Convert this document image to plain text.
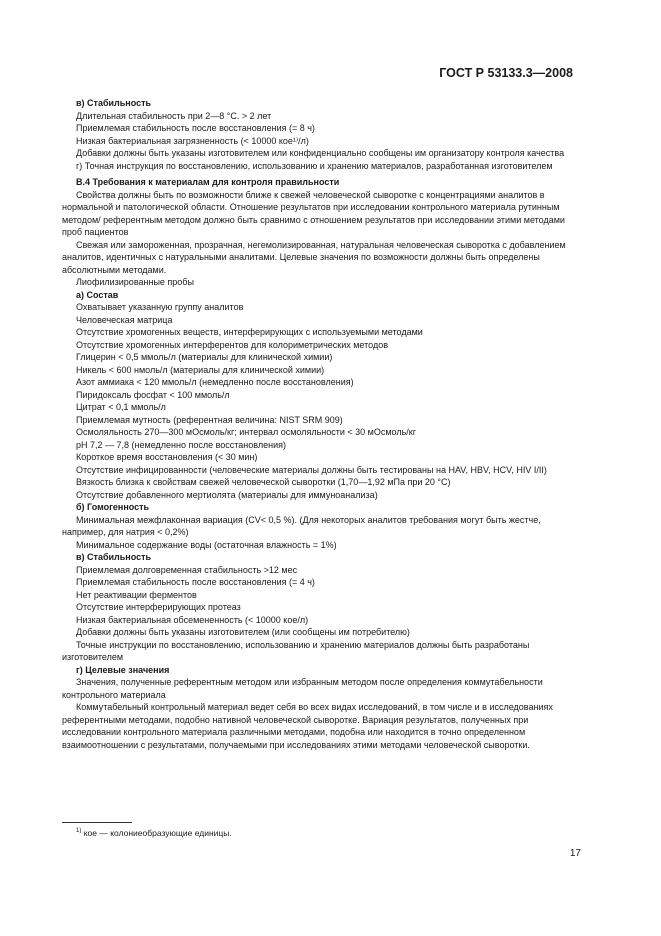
ГОСТ Р 53133.3—2008

в) Стабильность

Длительная стабильность при 2—8 °С. > 2 лет

Приемлемая стабильность после восстановления (= 8 ч)

Низкая бактериальная загрязненность (< 10000 кое¹⁾/л)

Добавки должны быть указаны изготовителем или конфиденциально сообщены им организатору контроля качества

г) Точная инструкция по восстановлению, использованию и хранению материалов, разработанная изготовителем

В.4 Требования к материалам для контроля правильности

Свойства должны быть по возможности ближе к свежей человеческой сыворотке с концентрациями аналитов в нормальной и патологической области. Отношение результатов при исследовании контрольного материала рутинным методом/ референтным методом должно быть сравнимо с отношением результатов при исследовании этими методами проб пациентов

Свежая или замороженная, прозрачная, негемолизированная, натуральная человеческая сыворотка с добавлением аналитов, идентичных с натуральными аналитами. Целевые значения по возможности должны быть определены абсолютными методами.

Лиофилизированные пробы

а) Состав

Охватывает указанную группу аналитов

Человеческая матрица

Отсутствие хромогенных веществ, интерферирующих с используемыми методами

Отсутствие хромогенных интерферентов для колориметрических методов

Глицерин < 0,5 ммоль/л (материалы для клинической химии)

Никель < 600 нмоль/л (материалы для клинической химии)

Азот аммиака < 120 ммоль/л (немедленно после восстановления)

Пиридоксаль фосфат < 100 ммоль/л

Цитрат < 0,1 ммоль/л

Приемлемая мутность (референтная величина: NIST SRM 909)

Осмоляльность 270—300 мОсмоль/кг; интервал осмоляльности < 30 мОсмоль/кг

рН 7,2 — 7,8 (немедленно после восстановления)

Короткое время восстановления (< 30 мин)

Отсутствие инфицированности (человеческие материалы должны быть тестированы на HAV, HBV, HCV, HIV I/II)

Вязкость близка к свойствам свежей человеческой сыворотки (1,70—1,92 мПа при 20 °С)

Отсутствие добавленного мертиолята (материалы для иммуноанализа)

б) Гомогенность

Минимальная межфлаконная вариация (CV< 0,5 %). (Для некоторых аналитов требования могут быть жестче, например, для натрия < 0,2%)

Минимальное содержание воды (остаточная влажность = 1%)

в) Стабильность

Приемлемая долговременная стабильность >12 мес

Приемлемая стабильность после восстановления (= 4 ч)

Нет реактивации ферментов

Отсутствие интерферирующих протеаз

Низкая бактериальная обсемененность (< 10000 кое/л)

Добавки должны быть указаны изготовителем (или сообщены им потребителю)

Точные инструкции по восстановлению, использованию и хранению материалов должны быть разработаны изготовителем

г) Целевые значения

Значения, полученные референтным методом или избранным методом после определения коммутабельности контрольного материала

Коммутабельный контрольный материал ведет себя во всех видах исследований, в том числе и в исследованиях референтными методами, подобно нативной человеческой сыворотке. Вариация результатов, полученных при исследовании контрольного материала различными методами, подобна или находится в точно определенном взаимоотношении с результатами, получаемыми при исследованиях этими методами человеческой сыворотки.

$^{1)}$ кое — колониеобразующие единицы.
17
